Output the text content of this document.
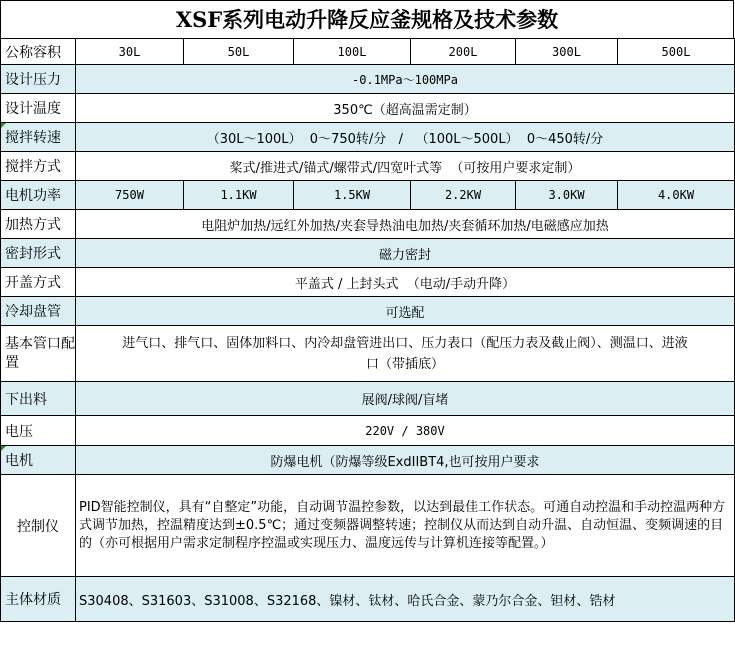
XSF系列电动升降反应釜规格及技术参数
公称容积	30L	50L	100L	200L	300L	500L
设计压力	-0.1MPa～100MPa					
设计温度	350℃（超高温需定制）					
搅拌转速	（30L～100L）  0～750转/分   /   （100L～500L）  0～450转/分					
搅拌方式	桨式/推进式/锚式/螺带式/四宽叶式等  （可按用户要求定制）					
电机功率	750W	1.1KW	1.5KW	2.2KW	3.0KW	4.0KW
加热方式	电阻炉加热/远红外加热/夹套导热油电加热/夹套循环加热/电磁感应加热					
密封形式	磁力密封					
开盖方式	平盖式 / 上封头式  （电动/手动升降）					
冷却盘管	可选配					
基本管口配置	进气口、排气口、固体加料口、内冷却盘管进出口、压力表口（配压力表及截止阀）、测温口、进液口（带插底）					
下出料	展阀/球阀/盲堵					
电压	220V / 380V					
电机	防爆电机（防爆等级ExdIIBT4,也可按用户要求					
控制仪	PID智能控制仪，具有“自整定”功能，自动调节温控参数，以达到最佳工作状态。可通自动控温和手动控温两种方式调节加热，控温精度达到±0.5℃；通过变频器调整转速；控制仪从而达到自动升温、自动恒温、变频调速的目的（亦可根据用户需求定制程序控温或实现压力、温度远传与计算机连接等配置。）					
主体材质	S30408、S31603、S31008、S32168、镍材、钛材、哈氏合金、蒙乃尔合金、钽材、锆材					
